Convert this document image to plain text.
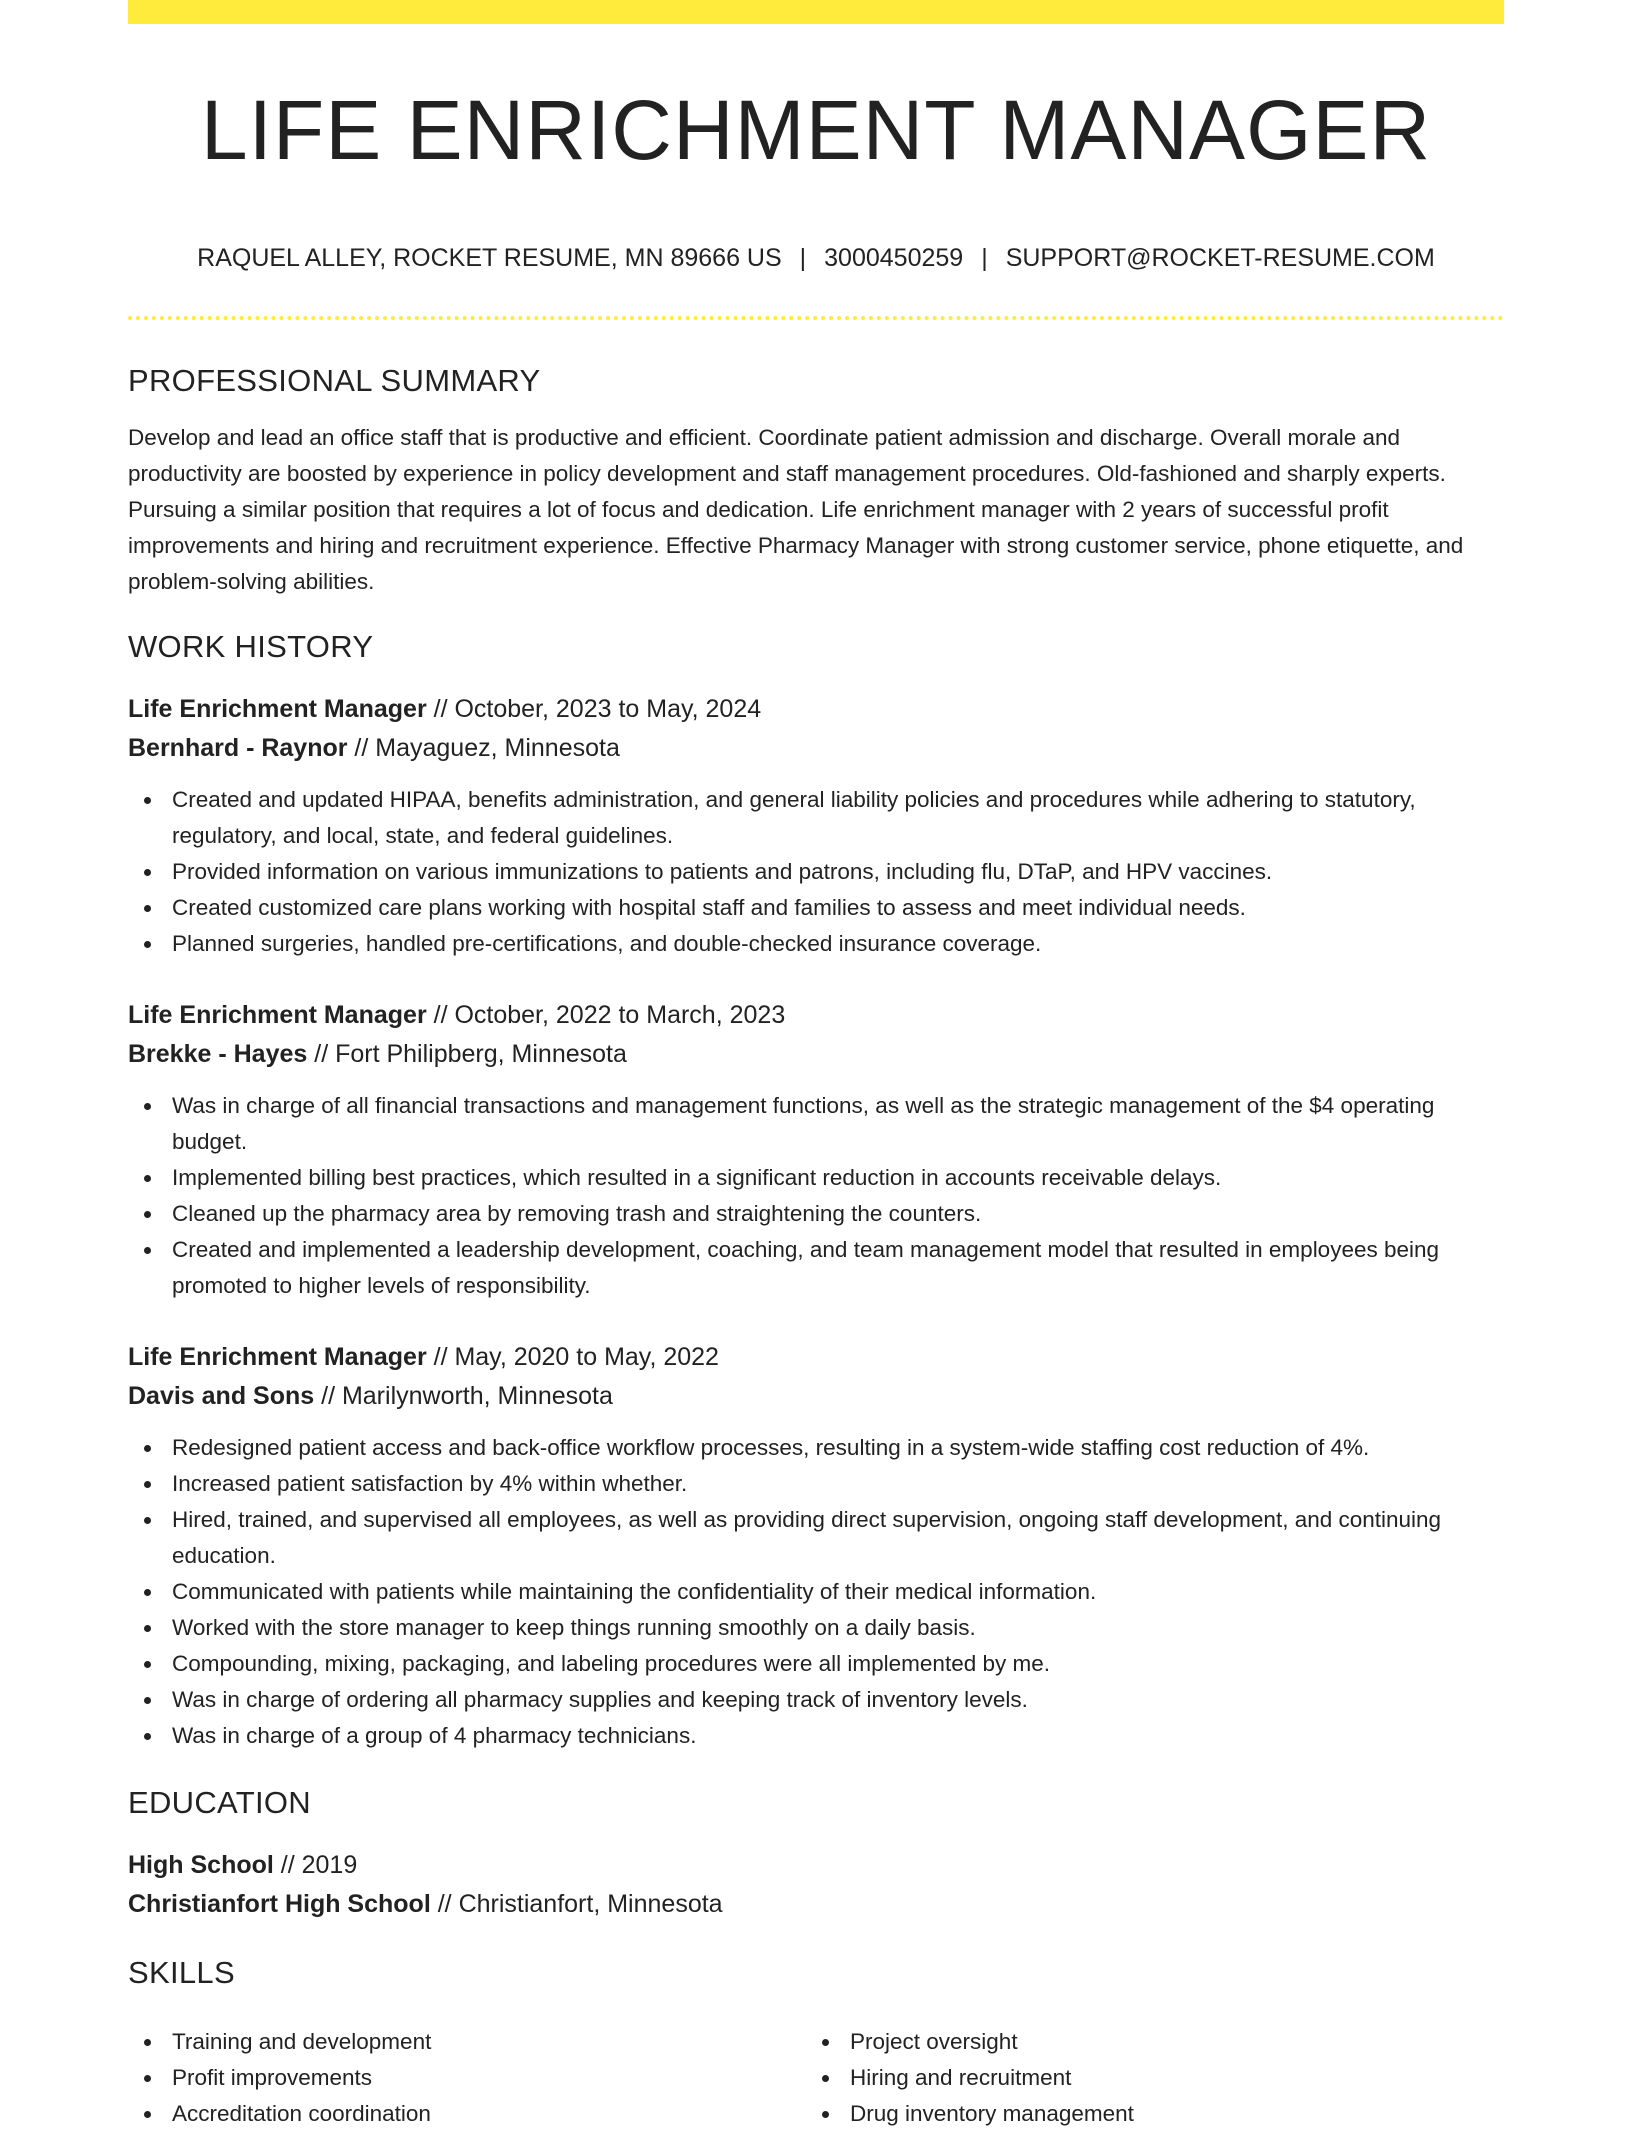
LIFE ENRICHMENT MANAGER
RAQUEL ALLEY, ROCKET RESUME, MN 89666 US | 3000450259 | SUPPORT@ROCKET-RESUME.COM
PROFESSIONAL SUMMARY

Develop and lead an office staff that is productive and efficient. Coordinate patient admission and discharge. Overall morale and productivity are boosted by experience in policy development and staff management procedures. Old-fashioned and sharply experts. Pursuing a similar position that requires a lot of focus and dedication. Life enrichment manager with 2 years of successful profit improvements and hiring and recruitment experience. Effective Pharmacy Manager with strong customer service, phone etiquette, and problem-solving abilities.

WORK HISTORY
Life Enrichment Manager // October, 2023 to May, 2024
Bernhard - Raynor // Mayaguez, Minnesota
Created and updated HIPAA, benefits administration, and general liability policies and procedures while adhering to statutory, regulatory, and local, state, and federal guidelines.
Provided information on various immunizations to patients and patrons, including flu, DTaP, and HPV vaccines.
Created customized care plans working with hospital staff and families to assess and meet individual needs.
Planned surgeries, handled pre-certifications, and double-checked insurance coverage.
Life Enrichment Manager // October, 2022 to March, 2023
Brekke - Hayes // Fort Philipberg, Minnesota
Was in charge of all financial transactions and management functions, as well as the strategic management of the $4 operating budget.
Implemented billing best practices, which resulted in a significant reduction in accounts receivable delays.
Cleaned up the pharmacy area by removing trash and straightening the counters.
Created and implemented a leadership development, coaching, and team management model that resulted in employees being promoted to higher levels of responsibility.
Life Enrichment Manager // May, 2020 to May, 2022
Davis and Sons // Marilynworth, Minnesota
Redesigned patient access and back-office workflow processes, resulting in a system-wide staffing cost reduction of 4%.
Increased patient satisfaction by 4% within whether.
Hired, trained, and supervised all employees, as well as providing direct supervision, ongoing staff development, and continuing education.
Communicated with patients while maintaining the confidentiality of their medical information.
Worked with the store manager to keep things running smoothly on a daily basis.
Compounding, mixing, packaging, and labeling procedures were all implemented by me.
Was in charge of ordering all pharmacy supplies and keeping track of inventory levels.
Was in charge of a group of 4 pharmacy technicians.
EDUCATION
High School // 2019
Christianfort High School // Christianfort, Minnesota
SKILLS
Training and development
Profit improvements
Accreditation coordination
Project oversight
Hiring and recruitment
Drug inventory management
